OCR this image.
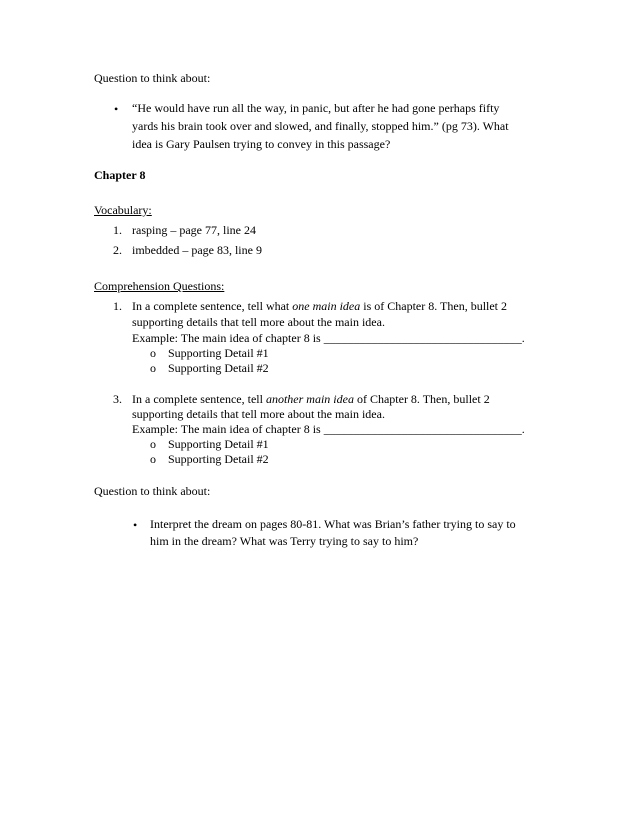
Question to think about:
• “He would have run all the way, in panic, but after he had gone perhaps fifty
yards his brain took over and slowed, and finally, stopped him.” (pg 73). What
idea is Gary Paulsen trying to convey in this passage?
Chapter 8
Vocabulary:
1. rasping – page 77, line 24
2. imbedded – page 83, line 9
Comprehension Questions:
1. In a complete sentence, tell what one main idea is of Chapter 8. Then, bullet 2
supporting details that tell more about the main idea.
Example: The main idea of chapter 8 is _________________________________.
o Supporting Detail #1
o Supporting Detail #2
3. In a complete sentence, tell another main idea of Chapter 8. Then, bullet 2
supporting details that tell more about the main idea.
Example: The main idea of chapter 8 is _________________________________.
o Supporting Detail #1
o Supporting Detail #2
Question to think about:
• Interpret the dream on pages 80-81. What was Brian’s father trying to say to
him in the dream? What was Terry trying to say to him?
